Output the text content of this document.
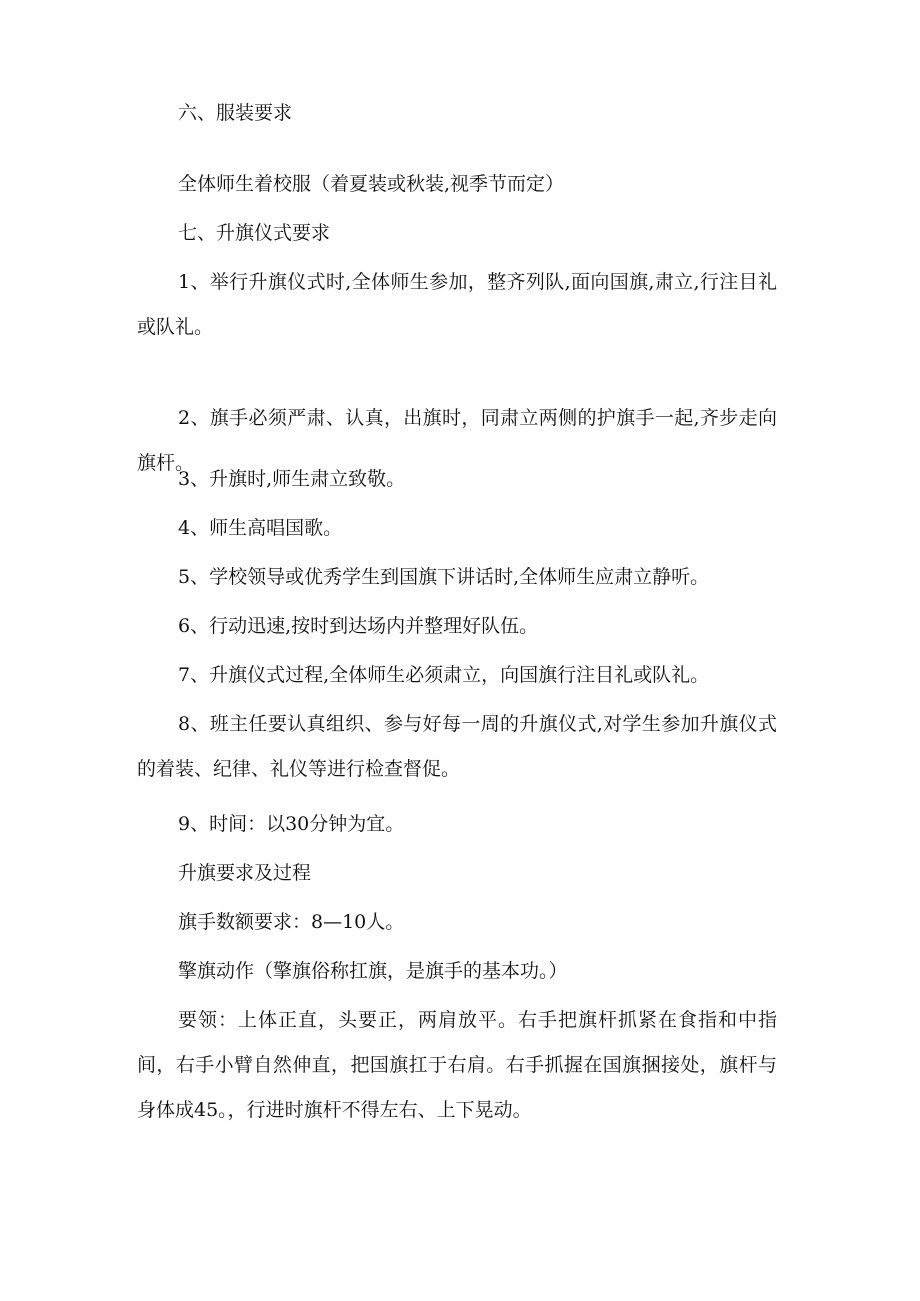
六、服装要求

全体师生着校服（着夏装或秋装,视季节而定）

七、升旗仪式要求

1、举行升旗仪式时,全体师生参加，整齐列队,面向国旗,肃立,行注目礼或队礼。

2、旗手必须严肃、认真，出旗时，同肃立两侧的护旗手一起,齐步走向旗杆。

3、升旗时,师生肃立致敬。

4、师生高唱国歌。

5、学校领导或优秀学生到国旗下讲话时,全体师生应肃立静听。

6、行动迅速,按时到达场内并整理好队伍。

7、升旗仪式过程,全体师生必须肃立，向国旗行注目礼或队礼。

8、班主任要认真组织、参与好每一周的升旗仪式,对学生参加升旗仪式的着装、纪律、礼仪等进行检查督促。

9、时间：以30分钟为宜。

升旗要求及过程

旗手数额要求：8—10人。

擎旗动作（擎旗俗称扛旗，是旗手的基本功。）

要领：上体正直，头要正，两肩放平。右手把旗杆抓紧在食指和中指间，右手小臂自然伸直，把国旗扛于右肩。右手抓握在国旗捆接处，旗杆与身体成45。，行进时旗杆不得左右、上下晃动。
